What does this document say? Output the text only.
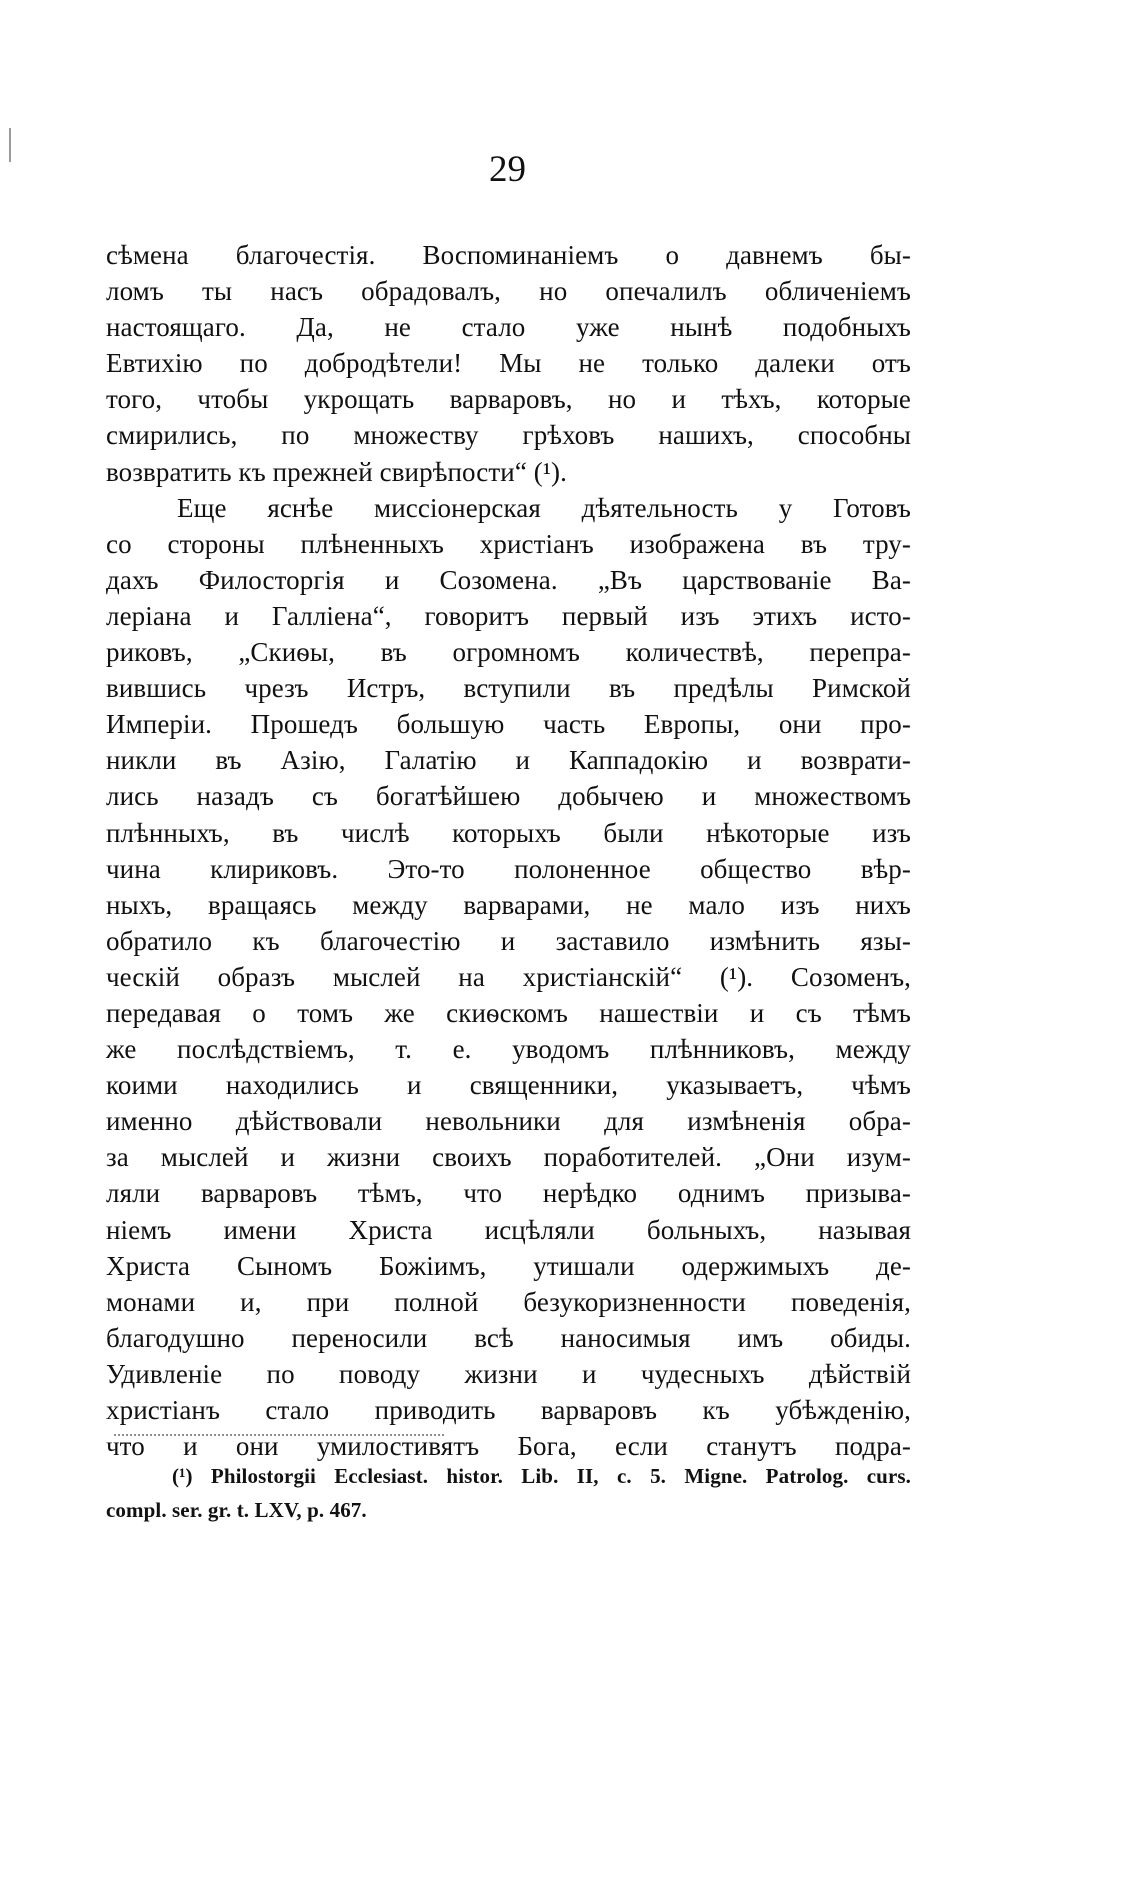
29
сѣмена благочестія. Воспоминаніемъ о давнемъ бы-
ломъ ты насъ обрадовалъ, но опечалилъ обличеніемъ
настоящаго. Да, не стало уже нынѣ подобныхъ
Евтихію по добродѣтели! Мы не только далеки отъ
того, чтобы укрощать варваровъ, но и тѣхъ, которые
смирились, по множеству грѣховъ нашихъ, способны
возвратить къ прежней свирѣпости“ (¹).
Еще яснѣе миссіонерская дѣятельность у Готовъ
со стороны плѣненныхъ христіанъ изображена въ тру-
дахъ Филосторгія и Созомена. „Въ царствованіе Ва-
леріана и Галліена“, говоритъ первый изъ этихъ исто-
риковъ, „Скиѳы, въ огромномъ количествѣ, перепра-
вившись чрезъ Истръ, вступили въ предѣлы Римской
Имперіи. Прошедъ большую часть Европы, они про-
никли въ Азію, Галатію и Каппадокію и возврати-
лись назадъ съ богатѣйшею добычею и множествомъ
плѣнныхъ, въ числѣ которыхъ были нѣкоторые изъ
чина клириковъ. Это-то полоненное общество вѣр-
ныхъ, вращаясь между варварами, не мало изъ нихъ
обратило къ благочестію и заставило измѣнить язы-
ческій образъ мыслей на христіанскій“ (¹). Созоменъ,
передавая о томъ же скиѳскомъ нашествіи и съ тѣмъ
же послѣдствіемъ, т. е. уводомъ плѣнниковъ, между
коими находились и священники, указываетъ, чѣмъ
именно дѣйствовали невольники для измѣненія обра-
за мыслей и жизни своихъ поработителей. „Они изум-
ляли варваровъ тѣмъ, что нерѣдко однимъ призыва-
ніемъ имени Христа исцѣляли больныхъ, называя
Христа Сыномъ Божіимъ, утишали одержимыхъ де-
монами и, при полной безукоризненности поведенія,
благодушно переносили всѣ наносимыя имъ обиды.
Удивленіе по поводу жизни и чудесныхъ дѣйствій
христіанъ стало приводить варваровъ къ убѣжденію,
что и они умилостивятъ Бога, если станутъ подра-
(¹) Philostorgii Ecclesiast. histor. Lib. II, c. 5. Migne. Patrolog. curs.
compl. ser. gr. t. LXV, p. 467.
